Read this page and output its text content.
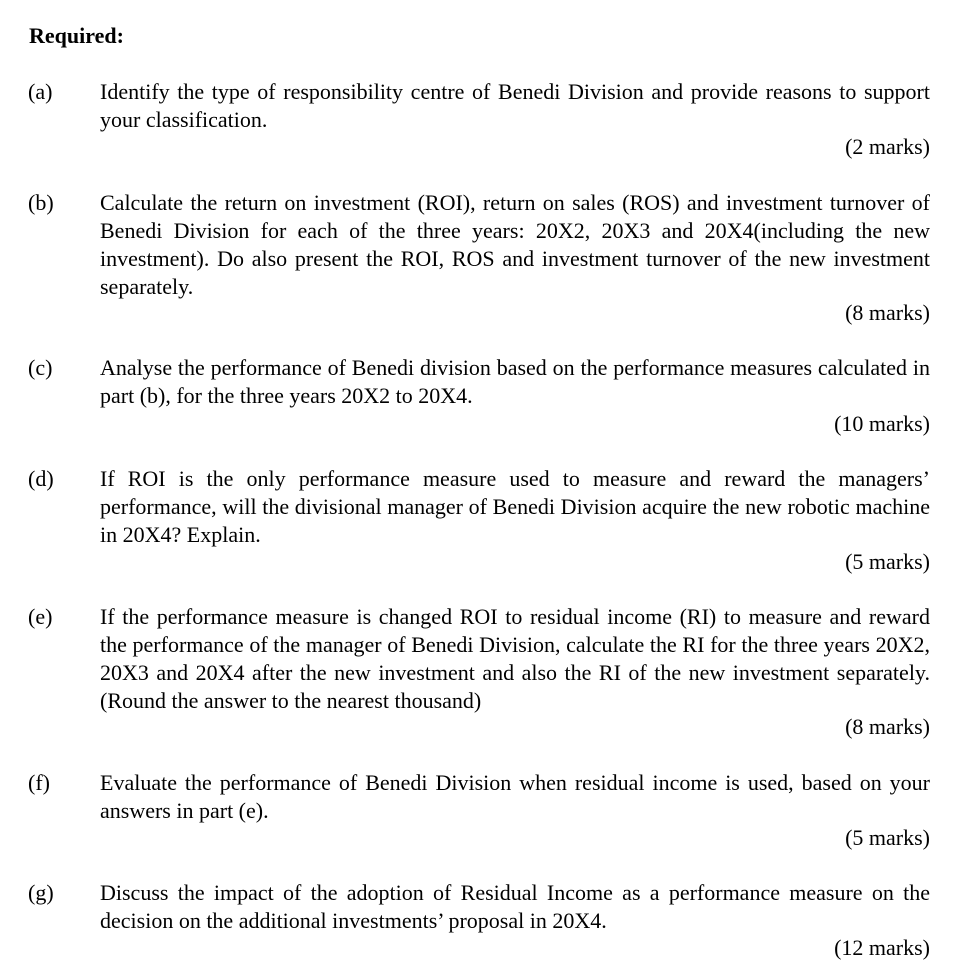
Required:
(a) Identify the type of responsibility centre of Benedi Division and provide reasons to support your classification.
(2 marks)
(b) Calculate the return on investment (ROI), return on sales (ROS) and investment turnover of Benedi Division for each of the three years: 20X2, 20X3 and 20X4(including the new investment). Do also present the ROI, ROS and investment turnover of the new investment separately.
(8 marks)
(c) Analyse the performance of Benedi division based on the performance measures calculated in part (b), for the three years 20X2 to 20X4.
(10 marks)
(d) If ROI is the only performance measure used to measure and reward the managers’ performance, will the divisional manager of Benedi Division acquire the new robotic machine in 20X4? Explain.
(5 marks)
(e) If the performance measure is changed ROI to residual income (RI) to measure and reward the performance of the manager of Benedi Division, calculate the RI for the three years 20X2, 20X3 and 20X4 after the new investment and also the RI of the new investment separately. (Round the answer to the nearest thousand)
(8 marks)
(f) Evaluate the performance of Benedi Division when residual income is used, based on your answers in part (e).
(5 marks)
(g) Discuss the impact of the adoption of Residual Income as a performance measure on the decision on the additional investments’ proposal in 20X4.
(12 marks)
